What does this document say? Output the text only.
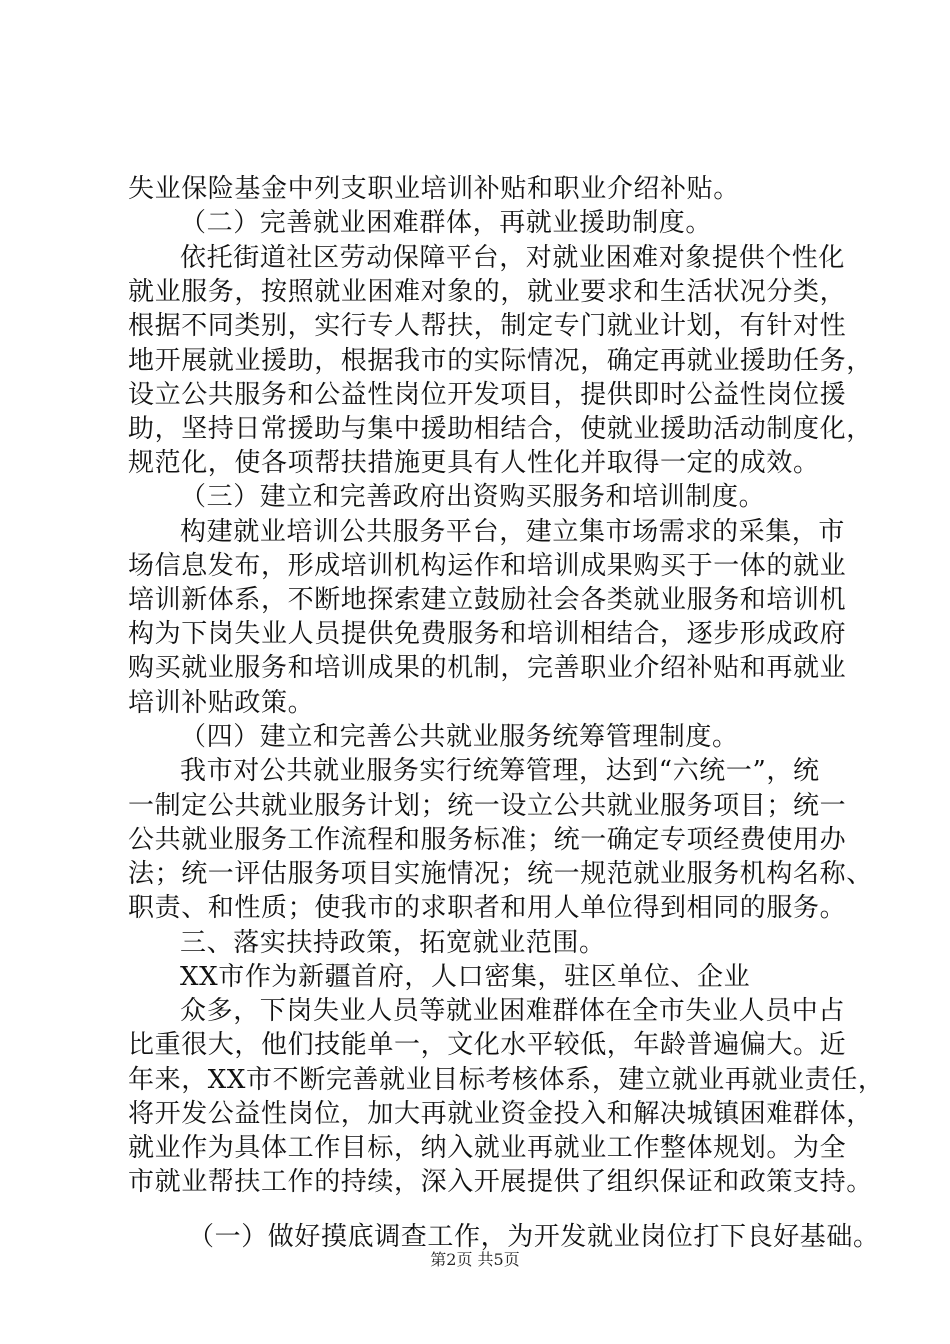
失业保险基金中列支职业培训补贴和职业介绍补贴。
（二）完善就业困难群体，再就业援助制度。
依托街道社区劳动保障平台，对就业困难对象提供个性化
就业服务，按照就业困难对象的，就业要求和生活状况分类，
根据不同类别，实行专人帮扶，制定专门就业计划，有针对性
地开展就业援助，根据我市的实际情况，确定再就业援助任务，
设立公共服务和公益性岗位开发项目，提供即时公益性岗位援
助，坚持日常援助与集中援助相结合，使就业援助活动制度化，
规范化，使各项帮扶措施更具有人性化并取得一定的成效。
（三）建立和完善政府出资购买服务和培训制度。
构建就业培训公共服务平台，建立集市场需求的采集，市
场信息发布，形成培训机构运作和培训成果购买于一体的就业
培训新体系，不断地探索建立鼓励社会各类就业服务和培训机
构为下岗失业人员提供免费服务和培训相结合，逐步形成政府
购买就业服务和培训成果的机制，完善职业介绍补贴和再就业
培训补贴政策。
（四）建立和完善公共就业服务统筹管理制度。
我市对公共就业服务实行统筹管理，达到“六统一”，统
一制定公共就业服务计划；统一设立公共就业服务项目；统一
公共就业服务工作流程和服务标准；统一确定专项经费使用办
法；统一评估服务项目实施情况；统一规范就业服务机构名称、
职责、和性质；使我市的求职者和用人单位得到相同的服务。
三、落实扶持政策，拓宽就业范围。
XX市作为新疆首府，人口密集，驻区单位、企业
众多，下岗失业人员等就业困难群体在全市失业人员中占
比重很大，他们技能单一，文化水平较低，年龄普遍偏大。近
年来，XX市不断完善就业目标考核体系，建立就业再就业责任，
将开发公益性岗位，加大再就业资金投入和解决城镇困难群体，
就业作为具体工作目标，纳入就业再就业工作整体规划。为全
市就业帮扶工作的持续，深入开展提供了组织保证和政策支持。
（一）做好摸底调查工作，为开发就业岗位打下良好基础。
第2页 共5页
